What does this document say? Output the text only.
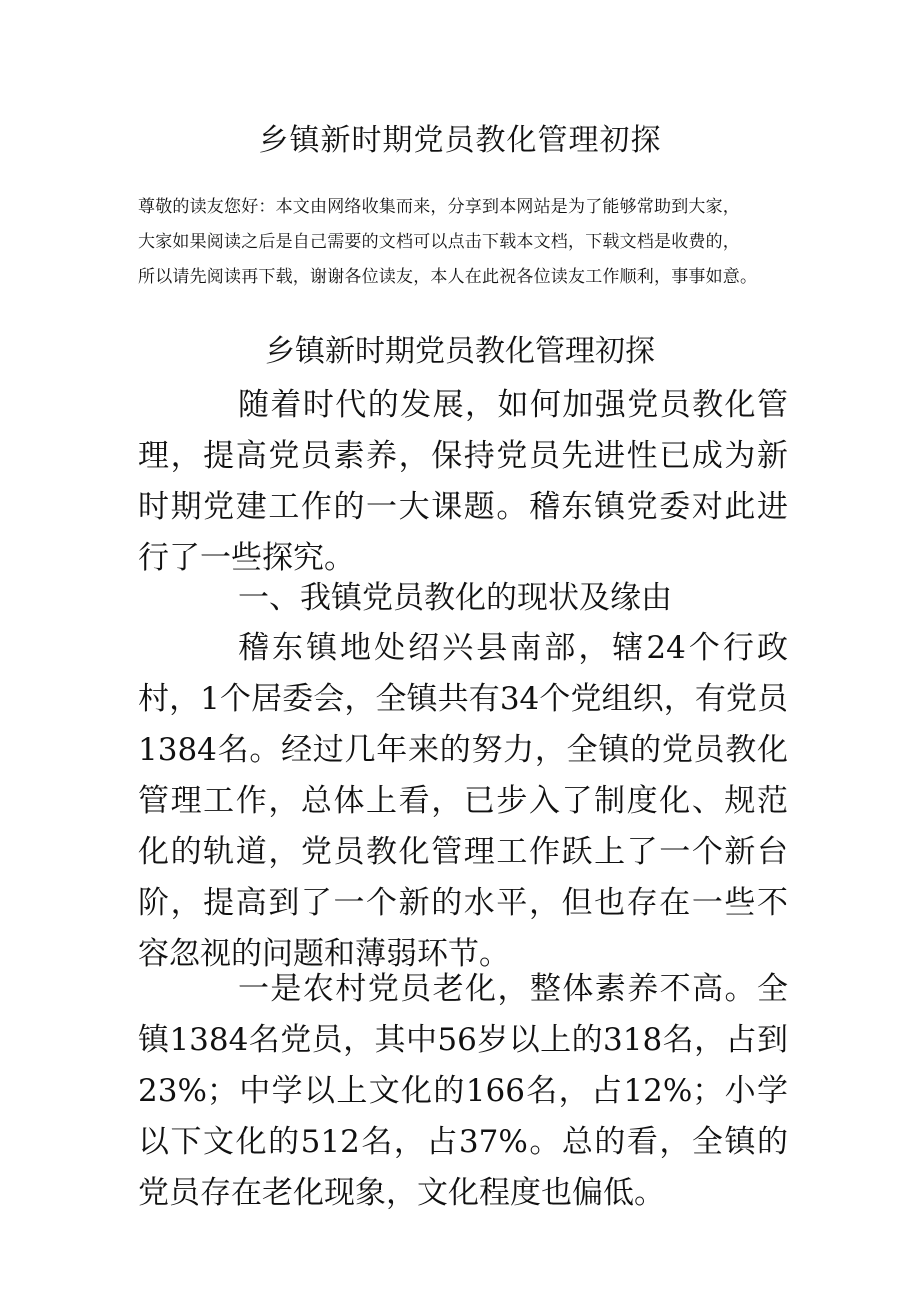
乡镇新时期党员教化管理初探
尊敬的读友您好：本文由网络收集而来，分享到本网站是为了能够常助到大家，
大家如果阅读之后是自己需要的文档可以点击下载本文档，下载文档是收费的，
所以请先阅读再下载，谢谢各位读友，本人在此祝各位读友工作顺利，事事如意。
乡镇新时期党员教化管理初探

随着时代的发展，如何加强党员教化管理，提高党员素养，保持党员先进性已成为新时期党建工作的一大课题。稽东镇党委对此进行了一些探究。

一、我镇党员教化的现状及缘由

稽东镇地处绍兴县南部，辖24个行政村，1个居委会，全镇共有34个党组织，有党员1384名。经过几年来的努力，全镇的党员教化管理工作，总体上看，已步入了制度化、规范化的轨道，党员教化管理工作跃上了一个新台阶，提高到了一个新的水平，但也存在一些不容忽视的问题和薄弱环节。

一是农村党员老化，整体素养不高。全镇1384名党员，其中56岁以上的318名，占到23%；中学以上文化的166名，占12%；小学以下文化的512名，占37%。总的看，全镇的党员存在老化现象，文化程度也偏低。
